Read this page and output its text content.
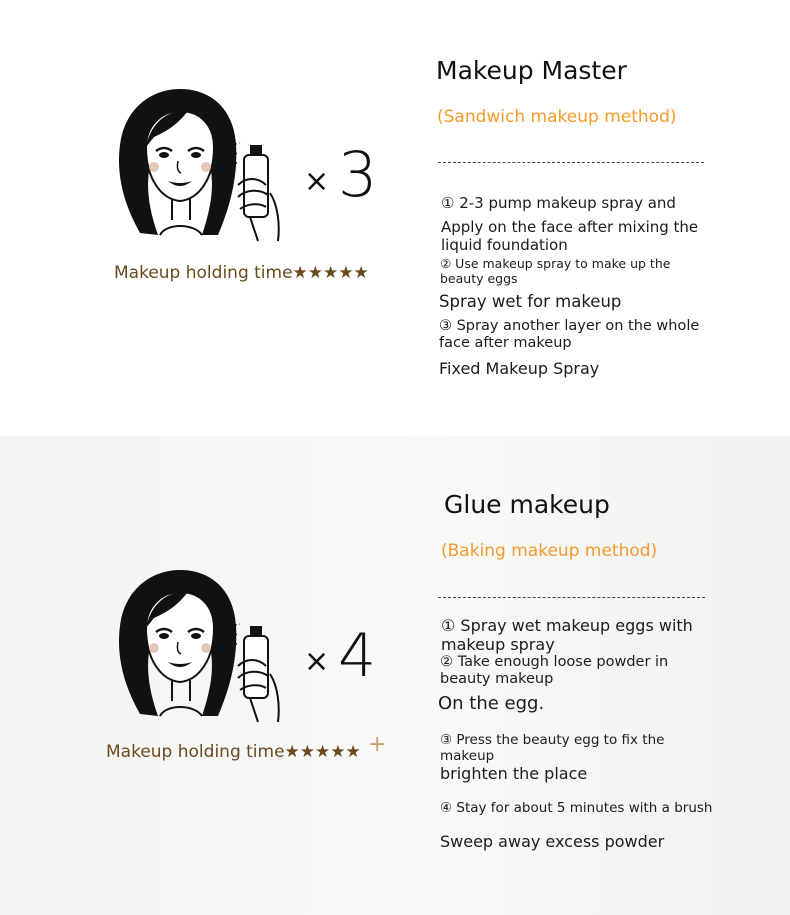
× 3
Makeup holding time★★★★★
Makeup Master
(Sandwich makeup method)

① 2-3 pump makeup spray and

Apply on the face after mixing the liquid foundation

② Use makeup spray to make up the beauty eggs

Spray wet for makeup

③ Spray another layer on the whole face after makeup

Fixed Makeup Spray

× 4
Makeup holding time★★★★★ +
Glue makeup
(Baking makeup method)

① Spray wet makeup eggs with makeup spray

② Take enough loose powder in beauty makeup

On the egg.

③ Press the beauty egg to fix the makeup

brighten the place

④ Stay for about 5 minutes with a brush

Sweep away excess powder
